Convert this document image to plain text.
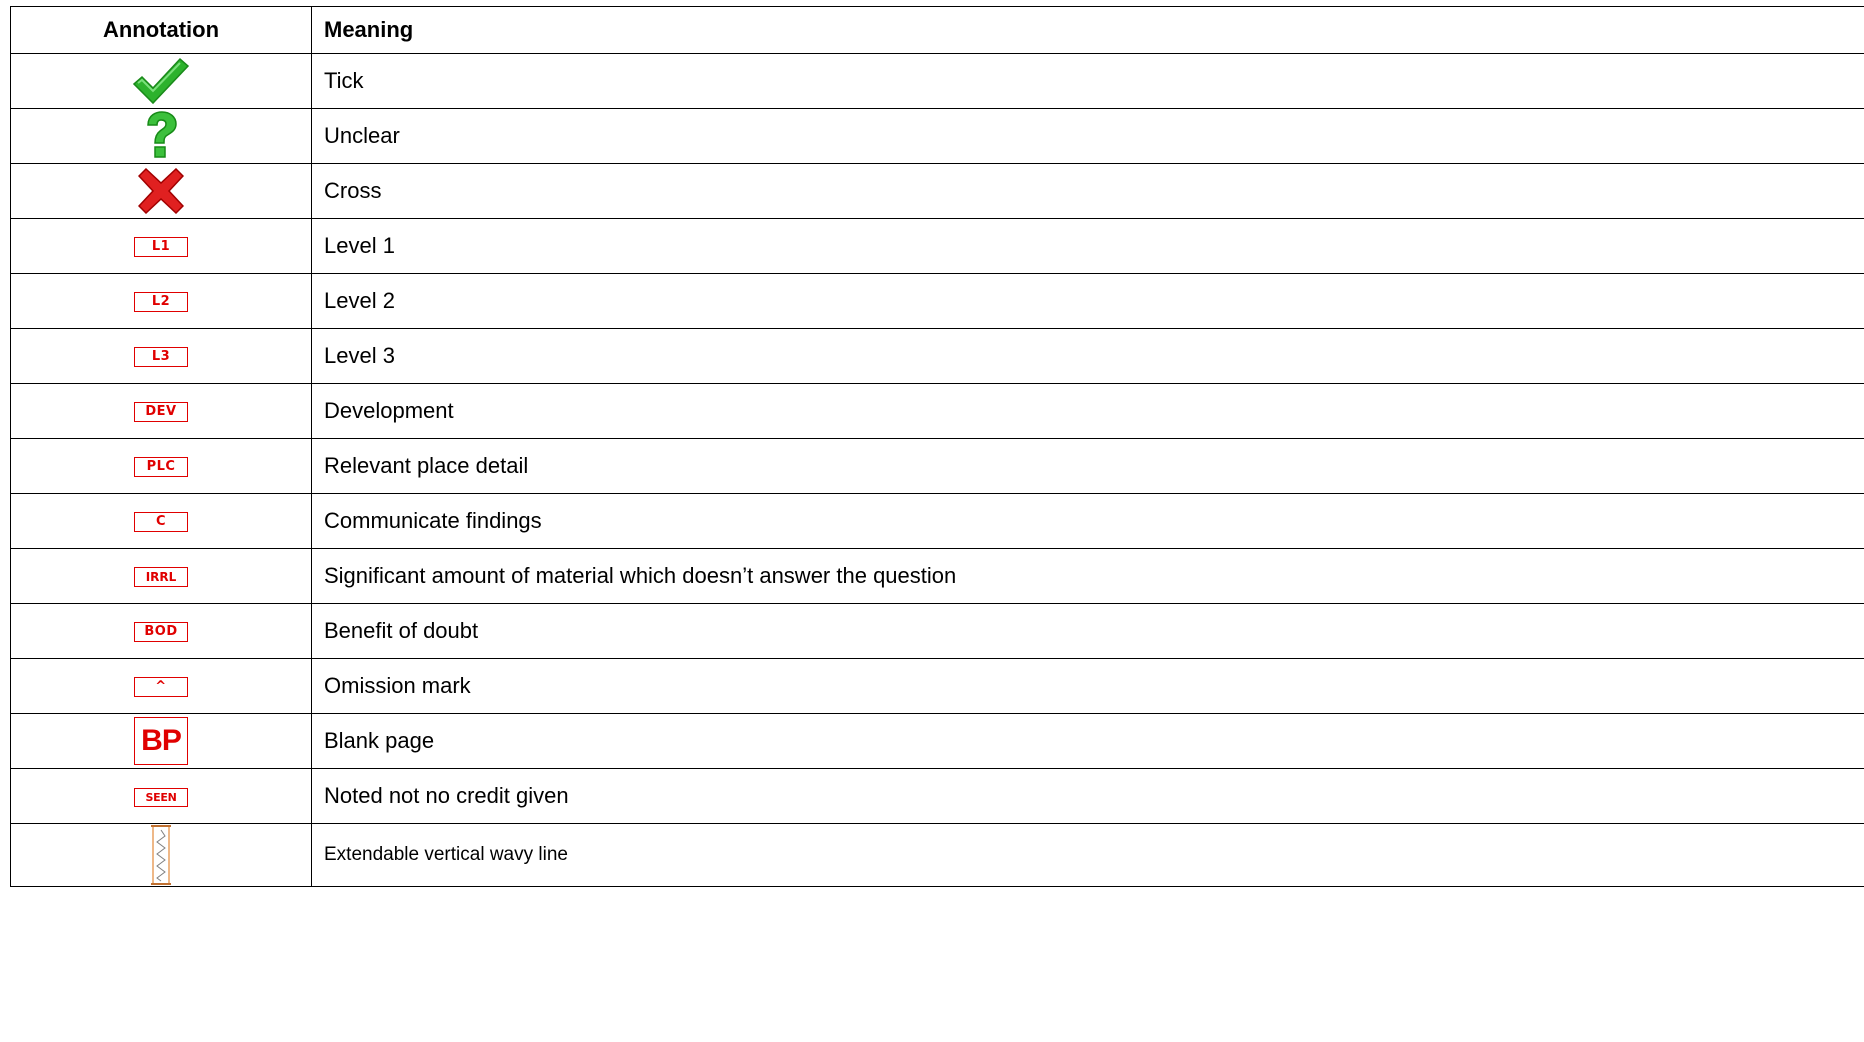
Annotation	Meaning
	Tick
	Unclear
	Cross
L1	Level 1
L2	Level 2
L3	Level 3
DEV	Development
PLC	Relevant place detail
C	Communicate findings
IRRL	Significant amount of material which doesn’t answer the question
BOD	Benefit of doubt
^	Omission mark
BP	Blank page
SEEN	Noted not no credit given
	Extendable vertical wavy line
